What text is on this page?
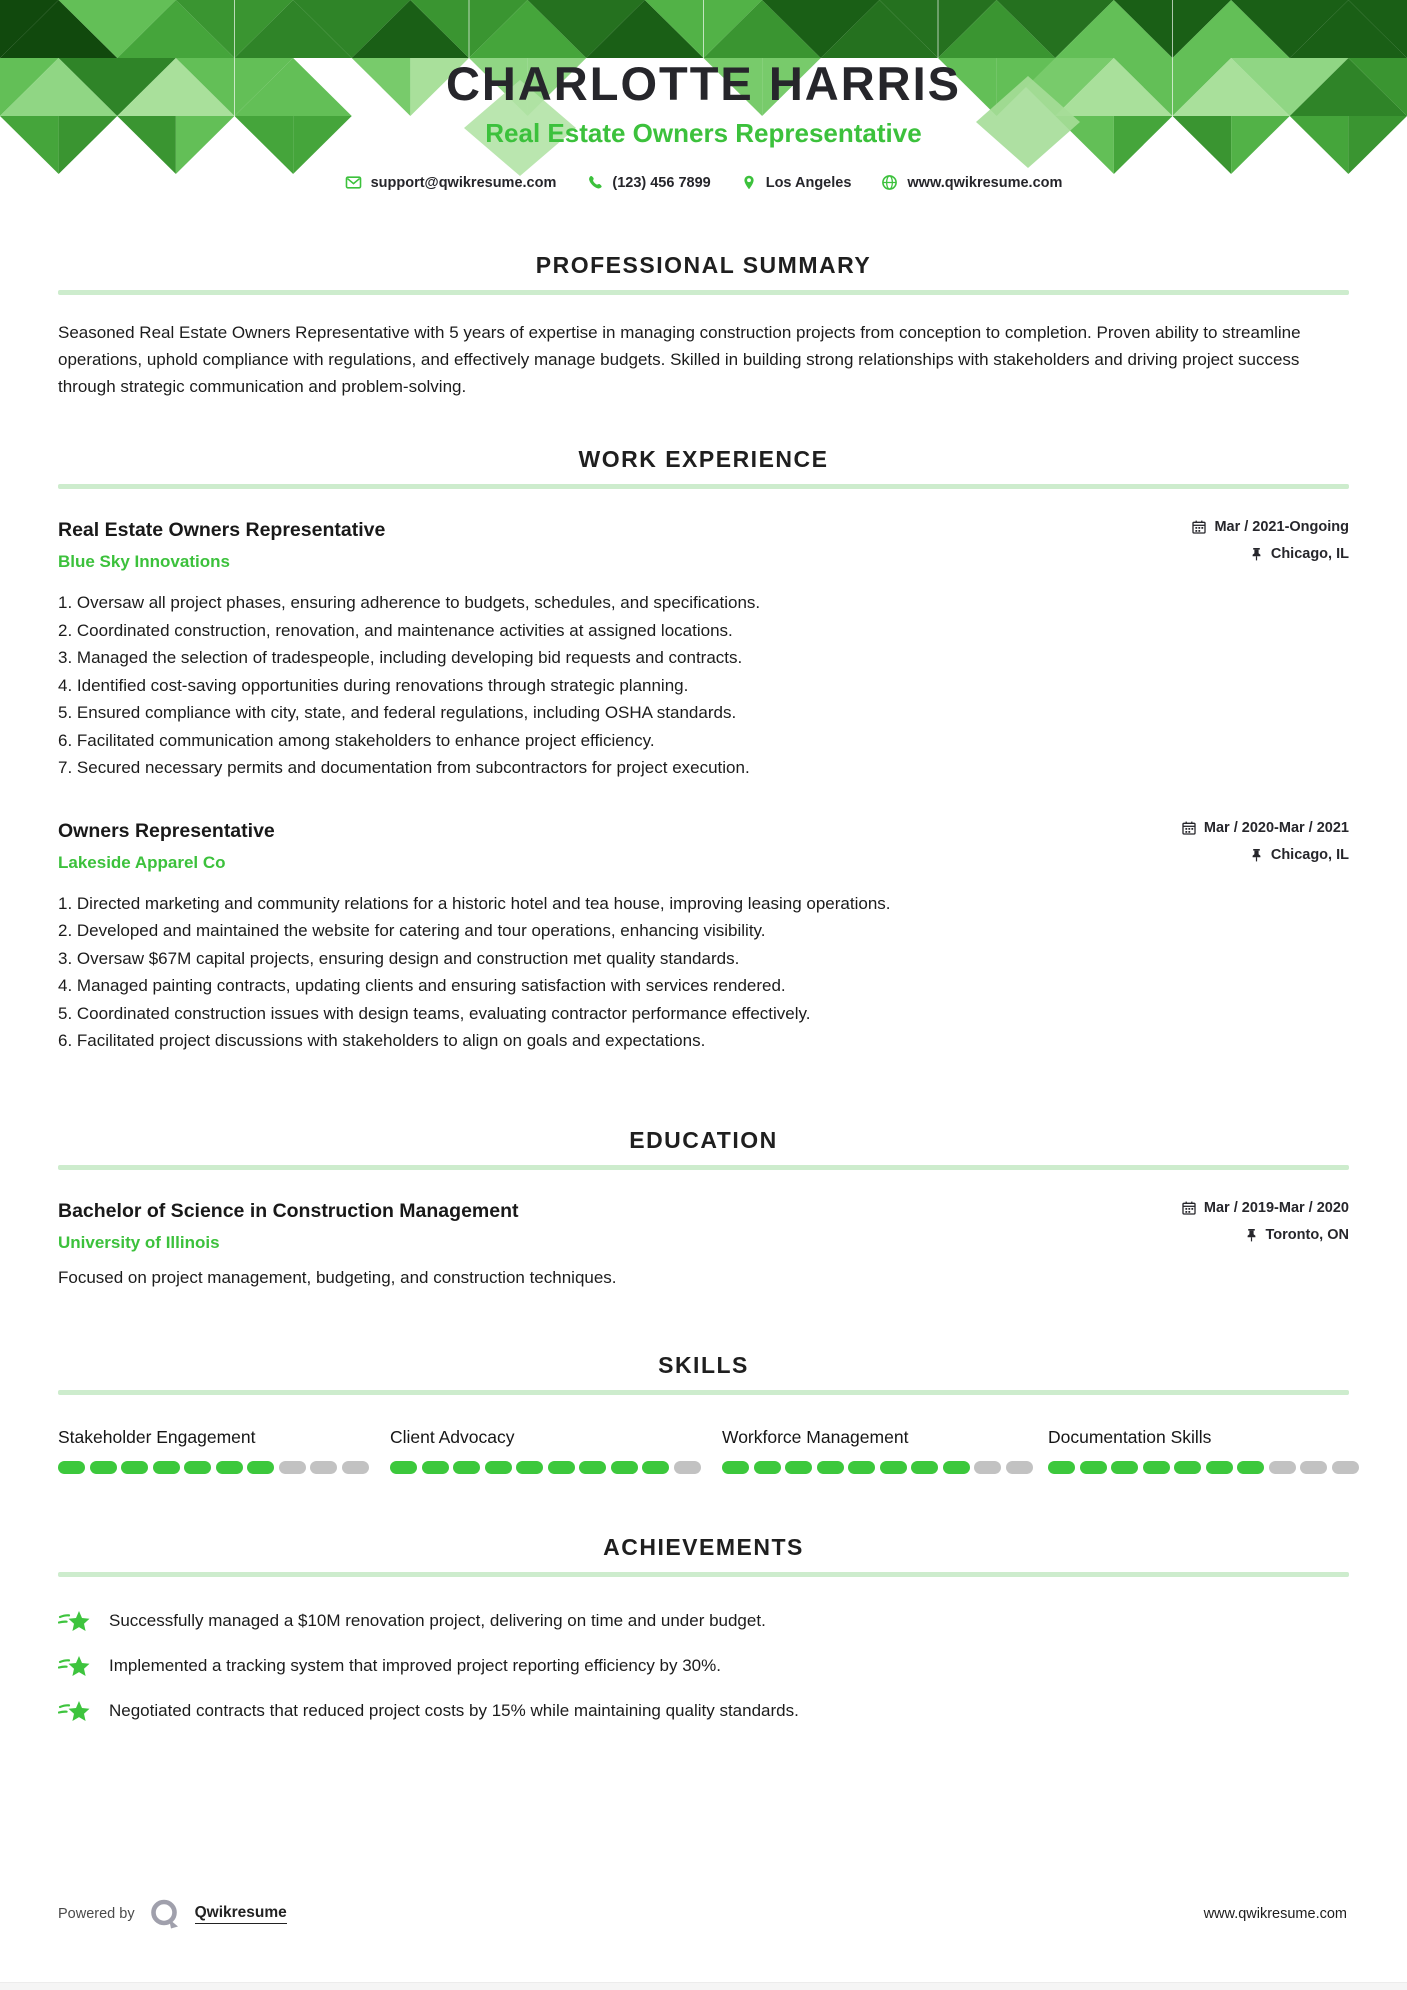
CHARLOTTE HARRIS
Real Estate Owners Representative
support@qwikresume.com	(123) 456 7899	Los Angeles	www.qwikresume.com
PROFESSIONAL SUMMARY

Seasoned Real Estate Owners Representative with 5 years of expertise in managing construction projects from conception to completion. Proven ability to streamline operations, uphold compliance with regulations, and effectively manage budgets. Skilled in building strong relationships with stakeholders and driving project success through strategic communication and problem-solving.

WORK EXPERIENCE
Real Estate Owners Representative
Blue Sky Innovations
Mar / 2021-Ongoing
Chicago, IL
1. Oversaw all project phases, ensuring adherence to budgets, schedules, and specifications.
2. Coordinated construction, renovation, and maintenance activities at assigned locations.
3. Managed the selection of tradespeople, including developing bid requests and contracts.
4. Identified cost-saving opportunities during renovations through strategic planning.
5. Ensured compliance with city, state, and federal regulations, including OSHA standards.
6. Facilitated communication among stakeholders to enhance project efficiency.
7. Secured necessary permits and documentation from subcontractors for project execution.
Owners Representative
Lakeside Apparel Co
Mar / 2020-Mar / 2021
Chicago, IL
1. Directed marketing and community relations for a historic hotel and tea house, improving leasing operations.
2. Developed and maintained the website for catering and tour operations, enhancing visibility.
3. Oversaw $67M capital projects, ensuring design and construction met quality standards.
4. Managed painting contracts, updating clients and ensuring satisfaction with services rendered.
5. Coordinated construction issues with design teams, evaluating contractor performance effectively.
6. Facilitated project discussions with stakeholders to align on goals and expectations.
EDUCATION
Bachelor of Science in Construction Management
University of Illinois
Mar / 2019-Mar / 2020
Toronto, ON
Focused on project management, budgeting, and construction techniques.
SKILLS
Stakeholder Engagement	Client Advocacy	Workforce Management	Documentation Skills
ACHIEVEMENTS
Successfully managed a $10M renovation project, delivering on time and under budget.
Implemented a tracking system that improved project reporting efficiency by 30%.
Negotiated contracts that reduced project costs by 15% while maintaining quality standards.
Powered by	Qwikresume	www.qwikresume.com
